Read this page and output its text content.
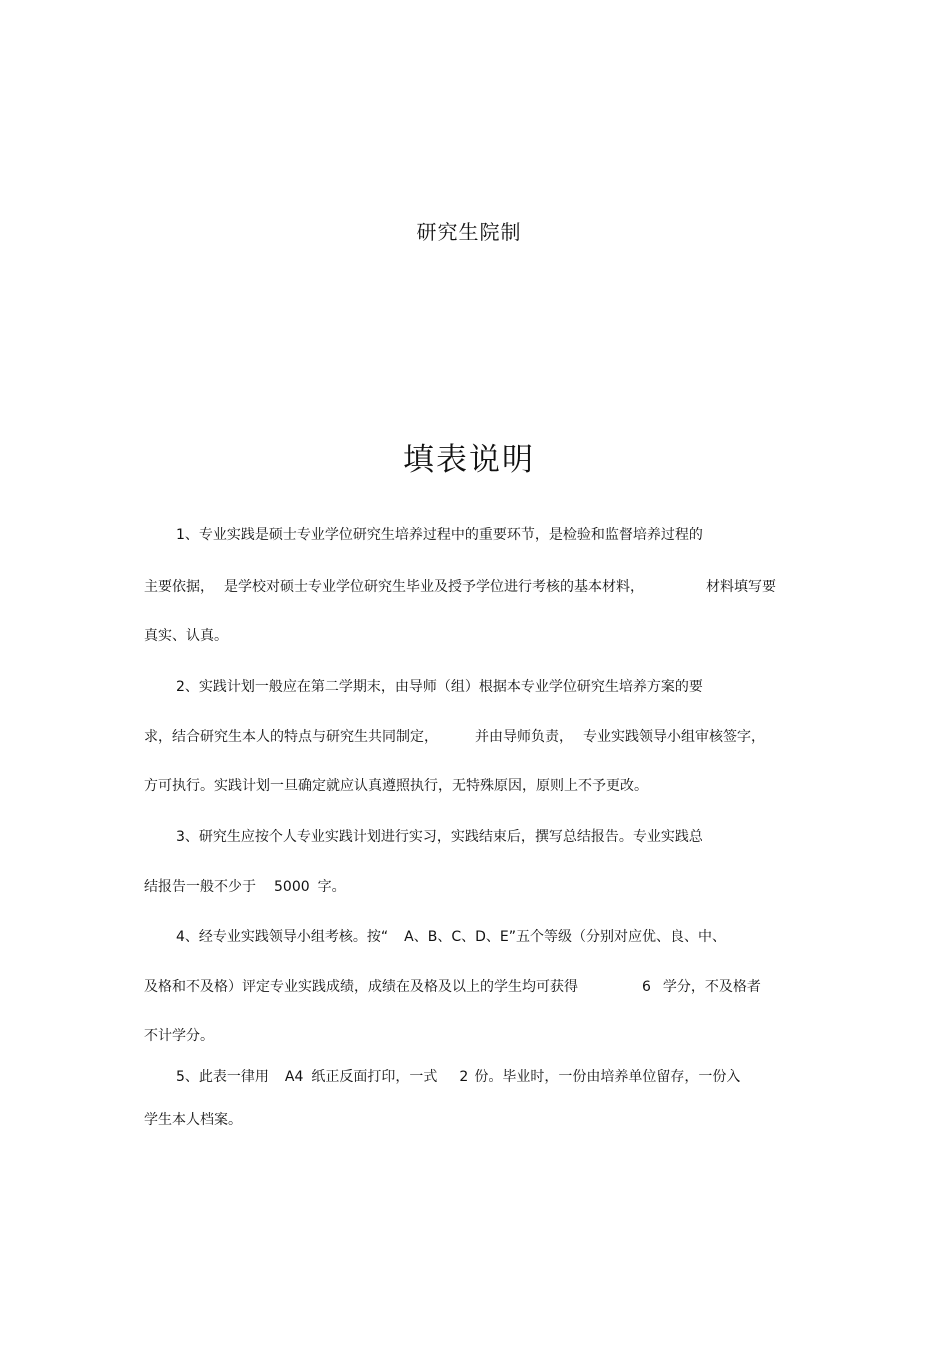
研究生院制
填表说明
1、专业实践是硕士专业学位研究生培养过程中的重要环节，是检验和监督培养过程的
主要依据， 是学校对硕士专业学位研究生毕业及授予学位进行考核的基本材料，	材料填写要
真实、认真。
2、实践计划一般应在第二学期末，由导师（组）根据本专业学位研究生培养方案的要
求，结合研究生本人的特点与研究生共同制定，	并由导师负责， 专业实践领导小组审核签字，
方可执行。实践计划一旦确定就应认真遵照执行，无特殊原因，原则上不予更改。
3、研究生应按个人专业实践计划进行实习，实践结束后，撰写总结报告。专业实践总
结报告一般不少于 5000 字。
4、经专业实践领导小组考核。按“ A、B、C、D、E”五个等级（分别对应优、良、中、
及格和不及格）评定专业实践成绩，成绩在及格及以上的学生均可获得	6 学分，不及格者
不计学分。
5、此表一律用 A4 纸正反面打印，一式 2 份。毕业时，一份由培养单位留存，一份入
学生本人档案。
